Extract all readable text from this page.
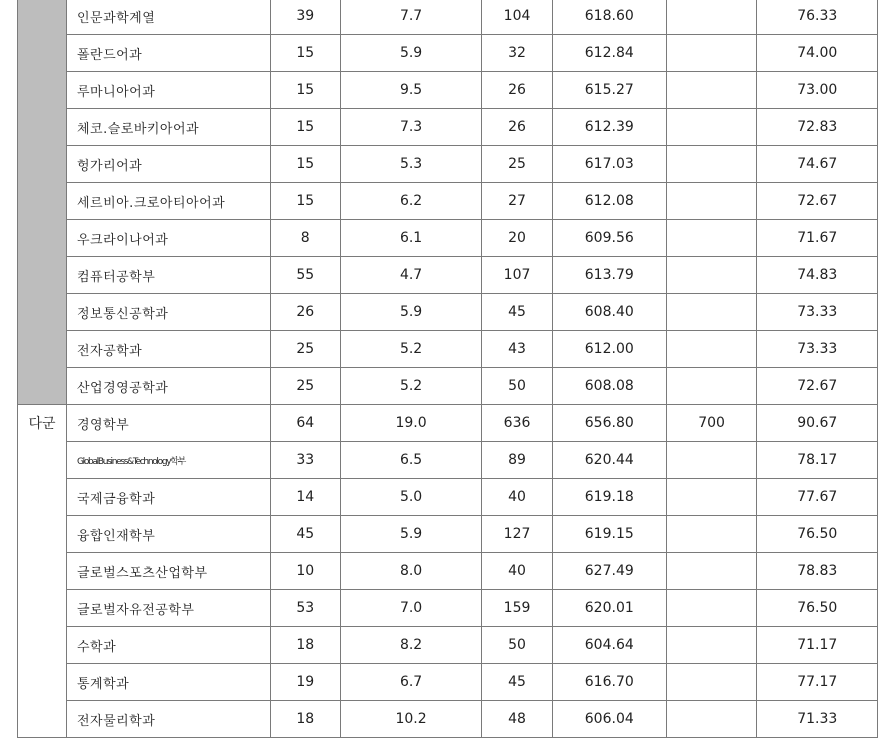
	인문과학계열	39	7.7	104	618.60		76.33
	폴란드어과	15	5.9	32	612.84		74.00
	루마니아어과	15	9.5	26	615.27		73.00
	체코.슬로바키아어과	15	7.3	26	612.39		72.83
	헝가리어과	15	5.3	25	617.03		74.67
	세르비아.크로아티아어과	15	6.2	27	612.08		72.67
	우크라이나어과	8	6.1	20	609.56		71.67
	컴퓨터공학부	55	4.7	107	613.79		74.83
	정보통신공학과	26	5.9	45	608.40		73.33
	전자공학과	25	5.2	43	612.00		73.33
	산업경영공학과	25	5.2	50	608.08		72.67

다군	경영학부	64	19.0	636	656.80	700	90.67
	GlobalBusiness&Technology학부	33	6.5	89	620.44		78.17
	국제금융학과	14	5.0	40	619.18		77.67
	융합인재학부	45	5.9	127	619.15		76.50
	글로벌스포츠산업학부	10	8.0	40	627.49		78.83
	글로벌자유전공학부	53	7.0	159	620.01		76.50
	수학과	18	8.2	50	604.64		71.17
	통계학과	19	6.7	45	616.70		77.17
	전자물리학과	18	10.2	48	606.04		71.33
